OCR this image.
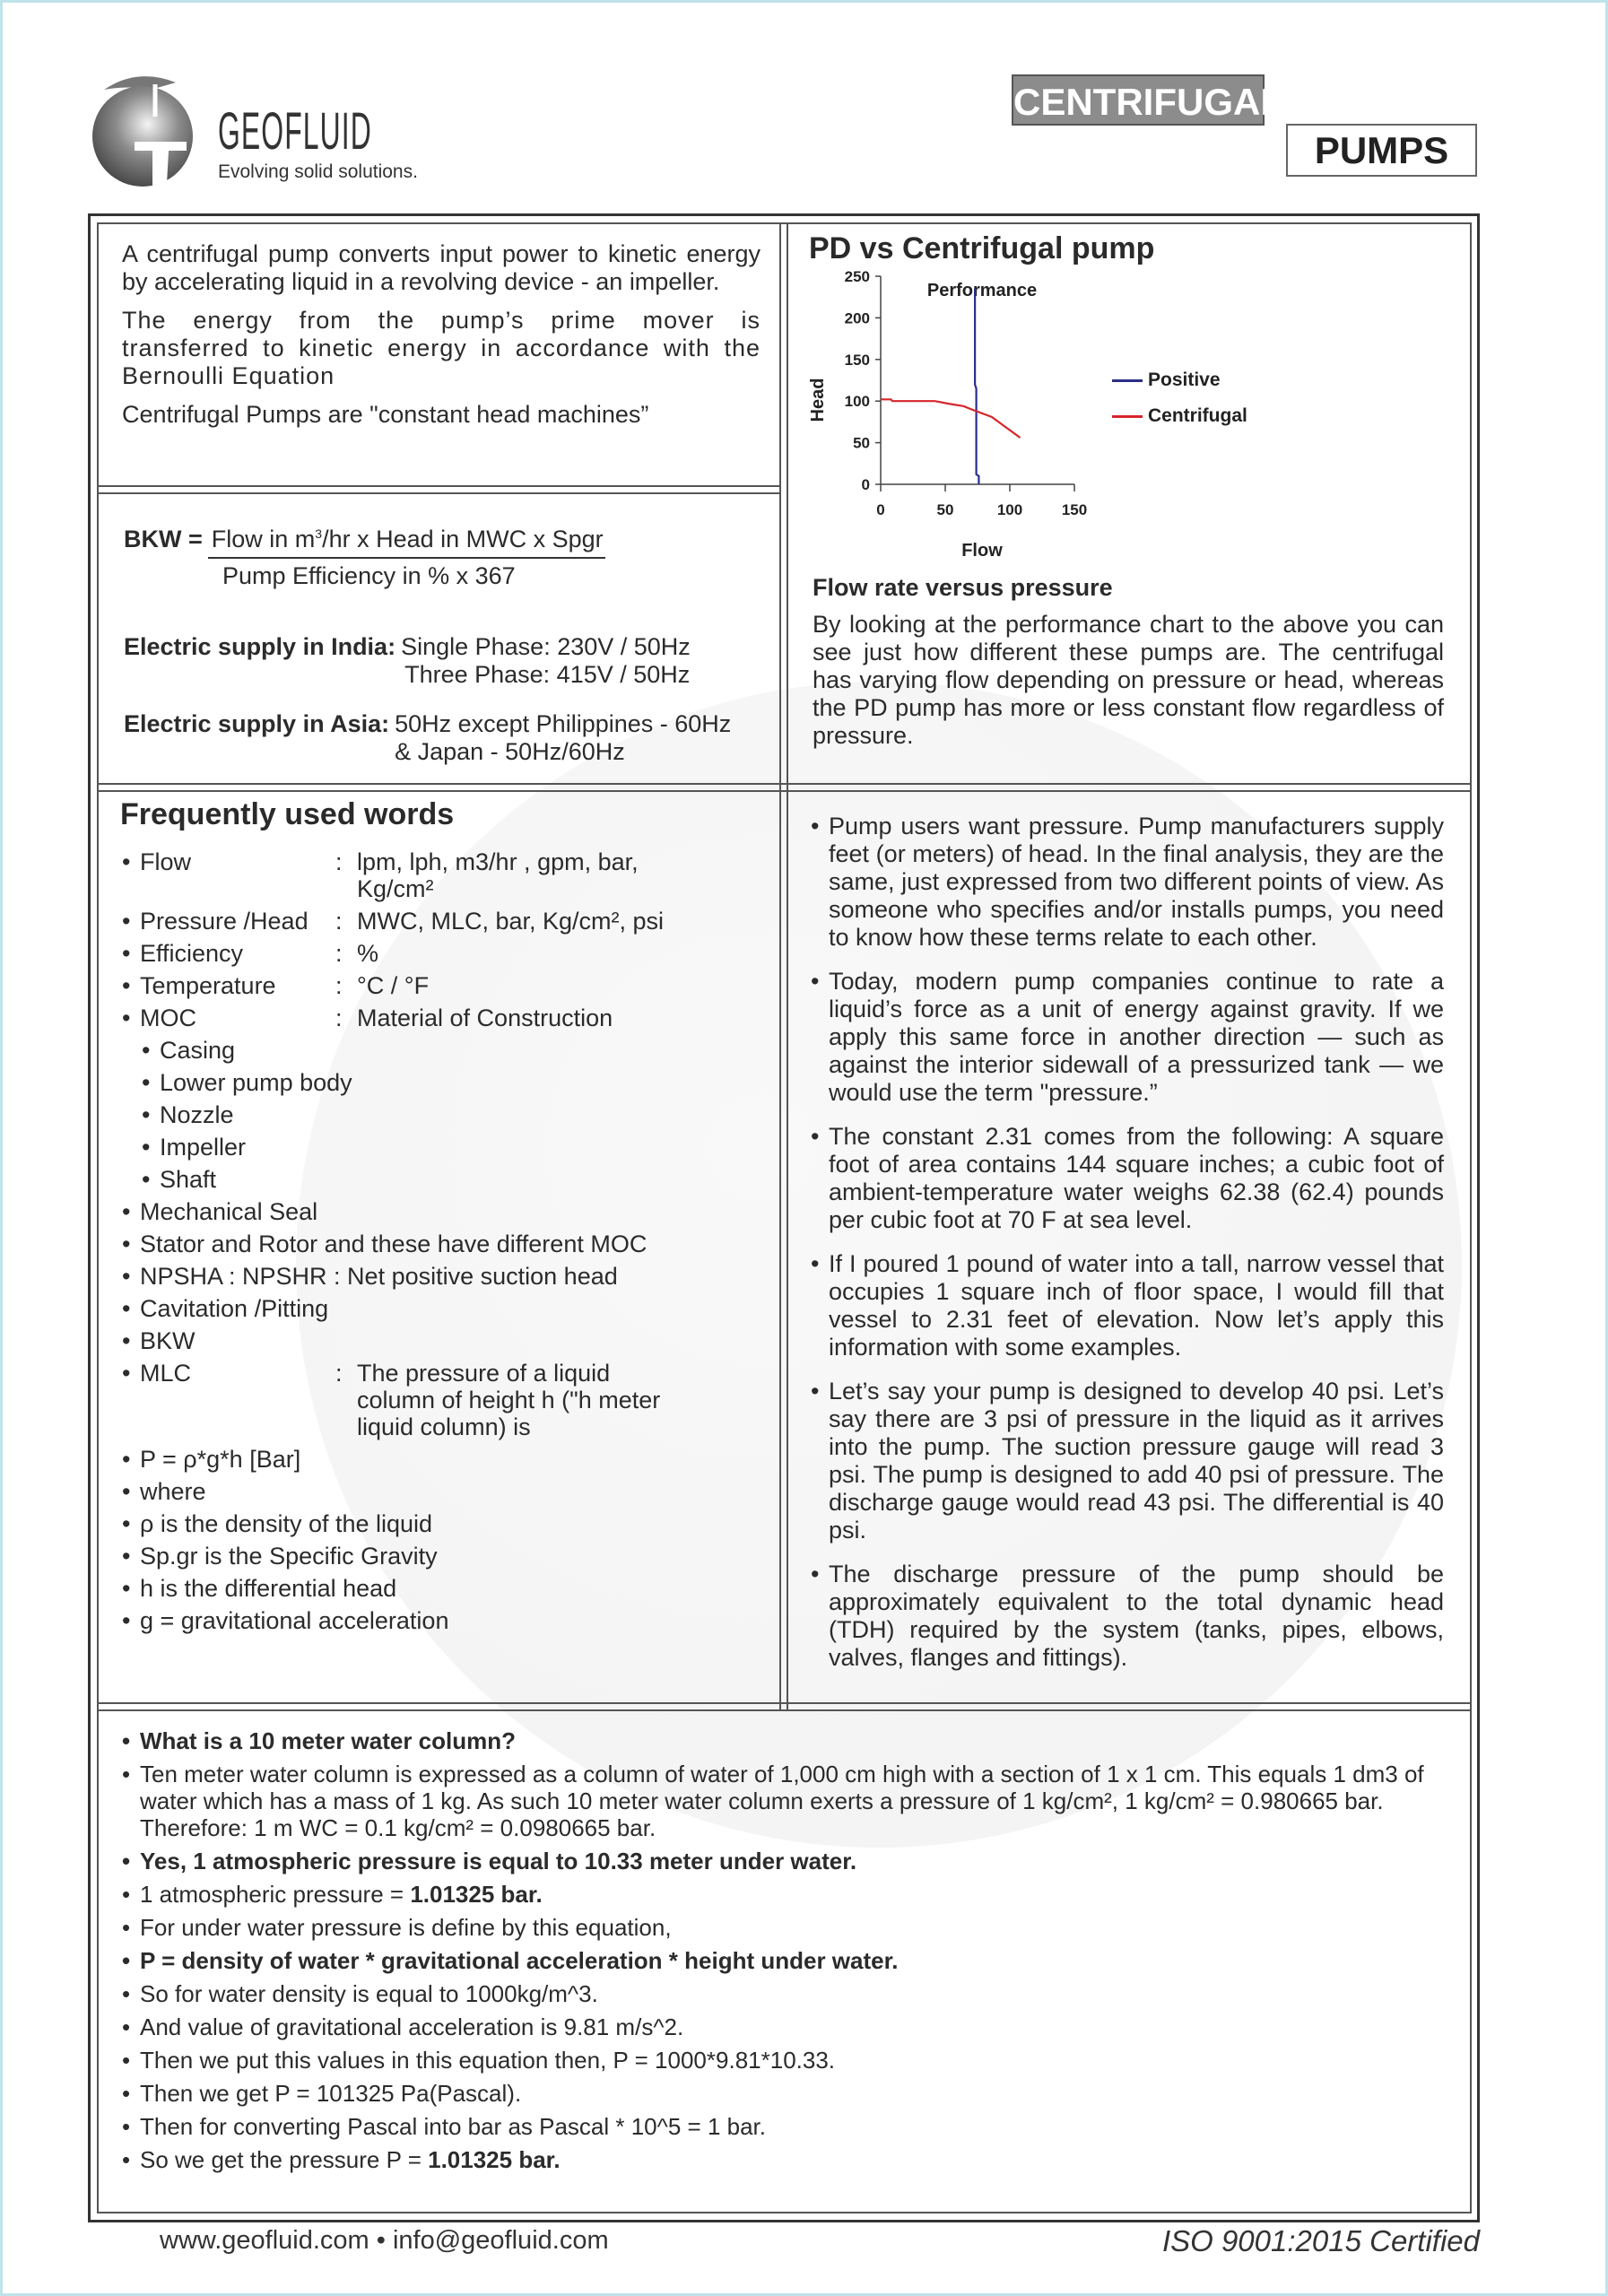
GEOFLUID
Evolving solid solutions.
CENTRIFUGAL
PUMPS

A centrifugal pump converts input power to kinetic energy by accelerating liquid in a revolving device - an impeller.

The energy from the pump’s prime mover is transferred to kinetic energy in accordance with the Bernoulli Equation

Centrifugal Pumps are "constant head machines”

BKW = Flow in $m^3/hr$ x Head in MWC x Spgr
Pump Efficiency in % x 367
Electric supply in India: Single Phase: 230V / 50Hz
Three Phase: 415V / 50Hz
Electric supply in Asia: 50Hz except Philippines - 60Hz
& Japan - 50Hz/60Hz
PD vs Centrifugal pump
Performance
Head
Flow
0
50
100
150
200
250
0	50	100	150
Positive
Centrifugal
Flow rate versus pressure

By looking at the performance chart to the above you can see just how different these pumps are. The centrifugal has varying flow depending on pressure or head, whereas the PD pump has more or less constant flow regardless of pressure.

Frequently used words
• Flow	: lpm, lph, m3/hr , gpm, bar, Kg/cm²
• Pressure /Head : MWC, MLC, bar, Kg/cm², psi
• Efficiency	: %
• Temperature : °C / °F
• MOC	: Material of Construction
• Casing
• Lower pump body
• Nozzle
• Impeller
• Shaft
• Mechanical Seal
• Stator and Rotor and these have different MOC
• NPSHA : NPSHR : Net positive suction head
• Cavitation /Pitting
• BKW
• MLC	: The pressure of a liquid column of height h ("h meter liquid column) is
• P = ρ*g*h [Bar]
• where
• ρ is the density of the liquid
• Sp.gr is the Specific Gravity
• h is the differential head
• g = gravitational acceleration
• Pump users want pressure. Pump manufacturers supply feet (or meters) of head. In the final analysis, they are the same, just expressed from two different points of view. As someone who specifies and/or installs pumps, you need to know how these terms relate to each other.
• Today, modern pump companies continue to rate a liquid’s force as a unit of energy against gravity. If we apply this same force in another direction — such as against the interior sidewall of a pressurized tank — we would use the term "pressure.”
• The constant 2.31 comes from the following: A square foot of area contains 144 square inches; a cubic foot of ambient-temperature water weighs 62.38 (62.4) pounds per cubic foot at 70 F at sea level.
• If I poured 1 pound of water into a tall, narrow vessel that occupies 1 square inch of floor space, I would fill that vessel to 2.31 feet of elevation. Now let’s apply this information with some examples.
• Let’s say your pump is designed to develop 40 psi. Let’s say there are 3 psi of pressure in the liquid as it arrives into the pump. The suction pressure gauge will read 3 psi. The pump is designed to add 40 psi of pressure. The discharge gauge would read 43 psi. The differential is 40 psi.
• The discharge pressure of the pump should be approximately equivalent to the total dynamic head (TDH) required by the system (tanks, pipes, elbows, valves, flanges and fittings).
• What is a 10 meter water column?
• Ten meter water column is expressed as a column of water of 1,000 cm high with a section of 1 x 1 cm. This equals 1 dm3 of water which has a mass of 1 kg. As such 10 meter water column exerts a pressure of 1 kg/cm², 1 kg/cm² = 0.980665 bar. Therefore: 1 m WC = 0.1 kg/cm² = 0.0980665 bar.
• Yes, 1 atmospheric pressure is equal to 10.33 meter under water.
• 1 atmospheric pressure = 1.01325 bar.
• For under water pressure is define by this equation,
• P = density of water * gravitational acceleration * height under water.
• So for water density is equal to 1000kg/m^3.
• And value of gravitational acceleration is 9.81 m/s^2.
• Then we put this values in this equation then, P = 1000*9.81*10.33.
• Then we get P = 101325 Pa(Pascal).
• Then for converting Pascal into bar as Pascal * 10^5 = 1 bar.
• So we get the pressure P = 1.01325 bar.
www.geofluid.com • info@geofluid.com	ISO 9001:2015 Certified
